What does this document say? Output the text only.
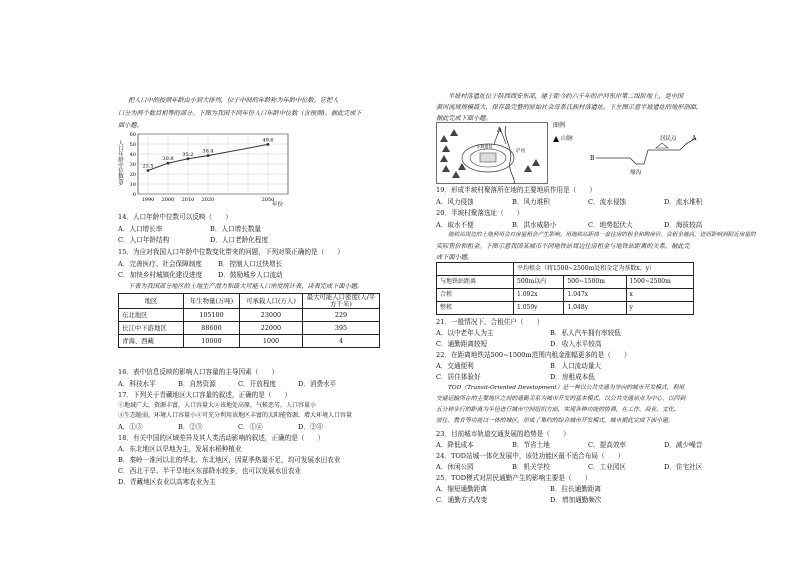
把人口中的按照年龄由小到大排列，位于中间的年龄称为年龄中位数。它把人
口分为两个数目相等的部分。下图为我国不同年份人口年龄中位数（含预测)。据此完成下
面小题。
0
10
20
30
40
50
60
1990 2000 2010 2020	2050
23.5
30.8
35.2
38.4
49.6
人口年龄中位数/岁
年份
14．人口年龄中位数可以反映（　　）
A．人口增长率	B．人口增长数量
C．人口年龄结构	D．人口老龄化程度
15．为应对我国人口年龄中位数变化带来的问题，下列对策正确的是（　　）
A．完善医疗、社会保障制度 B．控制人口过快增长
C．加快乡村城镇化建设进度 D．鼓励城乡人口流动
下表为我国部分地区的土地生产潜力和最大可能人口密度统计表，读表完成下面小题。
地区	年生物量(万吨)	可承载人口(万人)	最大可能人口密度(人/平方千米)
东北地区	105100	23000	229
长江中下游地区	88600	22000	395
青海、西藏	10000	1000	4
16．表中信息反映的影响人口容量的主导因素（　　）
A．科技水平	B．自然资源	C．开放程度	D．消费水平
17．下列关于青藏地区人口容量的叙述，正确的是（　　）
①地域广大，资源丰富，人口容量大②该地处高原，气候恶劣，人口容量小
③生态脆弱，环境人口容量小④可充分利用该地区丰富的太阳能资源，增大环境人口容量
A．①③	B．②③	C．①④	D．②④
18．有关中国的区域差异及其人类活动影响的叙述，正确的是（　　）
A．东北地区以旱地为主，发展水稻种植业
B．秦岭一淮河以北的华北、东北地区，因夏季热量不足，均可发展水田农业
C．西北干旱、半干旱地区东部降水较多，也可以发展水田农业
D．青藏地区农业以高寒农业为主
半坡村落遗址位于陕西西安东部，建于距今约六千年的浐河东岸第二级阶地上，是中国
黄河流域规模最大，保存最完整的原始社会母系氏族村落遗址。下左图示意半坡遗址的地形剖面，
据此完成下面小题。
A
半坡遗址
浐河
图例
▲ 山脉
B
A
居民点
壕沟
19．形成半坡村聚落所在地的主要地质作用是（　　）
A．风力侵蚀	B．风力堆积	C．流水侵蚀	D．流水堆积
20．半坡村聚落选址（　　）
A．取水不便	B．洪水威胁小	C．地势起伏大	D．海拔较高
地铁站周边的土地利用会对房屋租金产生影响。用地铁站距离一套住房的租金和购房价，会租金越高，进而影响到附近房屋的
实际售价和租金。下图示意我国某城市不同地铁站周边住房租金与地铁站距离的关系。据此完
成下面小题。
	平均租金（将1500~2500m处租金定为基数x、y）		
与地铁站距离	500m以内	500~1500m	1500~2500m
合租	1.092x	1.047x	x
整租	1.059y	1.048y	y
21．一般情况下，合租住户（　　）
A．以中老年人为主	B．私人汽车拥有率较低
C．通勤距离较短	D．收入水平较高
22．在距离地铁站500~1500m范围内租金涨幅更多的是（　　）
A．交通便利	B．人口流动量大
C．居住体验好	D．房租成本低
TOD（Transit-Oriented Development）是一种以公共交通为导向的城市开发模式，利用
交通运输所在的主要地区之间的通勤关系为城市开发的基本模式，以公共交通站点为中心，以四到
五分钟步行的距离为半径进行城市空间组织方面，实现各种功能的协调，在工作、商业、文化、
居住、教育等功能以一体的城区，形成了集约的综合城市开发模式，城市据此完成下面小题。
23．目前城市轨道交通发展的趋势是（　　）
A．降低成本	B．节省土地	C．提高效率	D．减少噪音
24．TOD站城一体化发展中，该处功能区最不适合布局（　　）
A．休闲公园	B．机关学校	C．工业园区	D．住宅社区
25．TOD模式对居民通勤产生的影响主要是（　　）
A．缩短通勤距离	B．拉长通勤距离
C．通勤方式改变	D．增加通勤频次
